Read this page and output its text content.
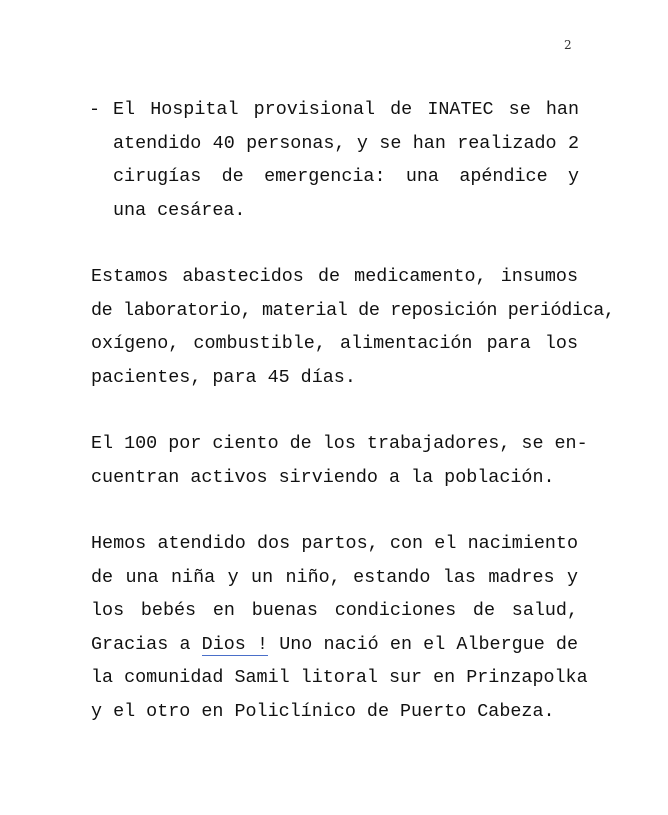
2
- El Hospital provisional de INATEC se han
atendido 40 personas, y se han realizado 2
cirugías de emergencia: una apéndice y
una cesárea.
Estamos abastecidos de medicamento, insumos
de laboratorio, material de reposición periódica,
oxígeno, combustible, alimentación para los
pacientes, para 45 días.
El 100 por ciento de los trabajadores, se en-
cuentran activos sirviendo a la población.
Hemos atendido dos partos, con el nacimiento
de una niña y un niño, estando las madres y
los bebés en buenas condiciones de salud,
Gracias a Dios ! Uno nació en el Albergue de
la comunidad Samil litoral sur en Prinzapolka
y el otro en Policlínico de Puerto Cabeza.
